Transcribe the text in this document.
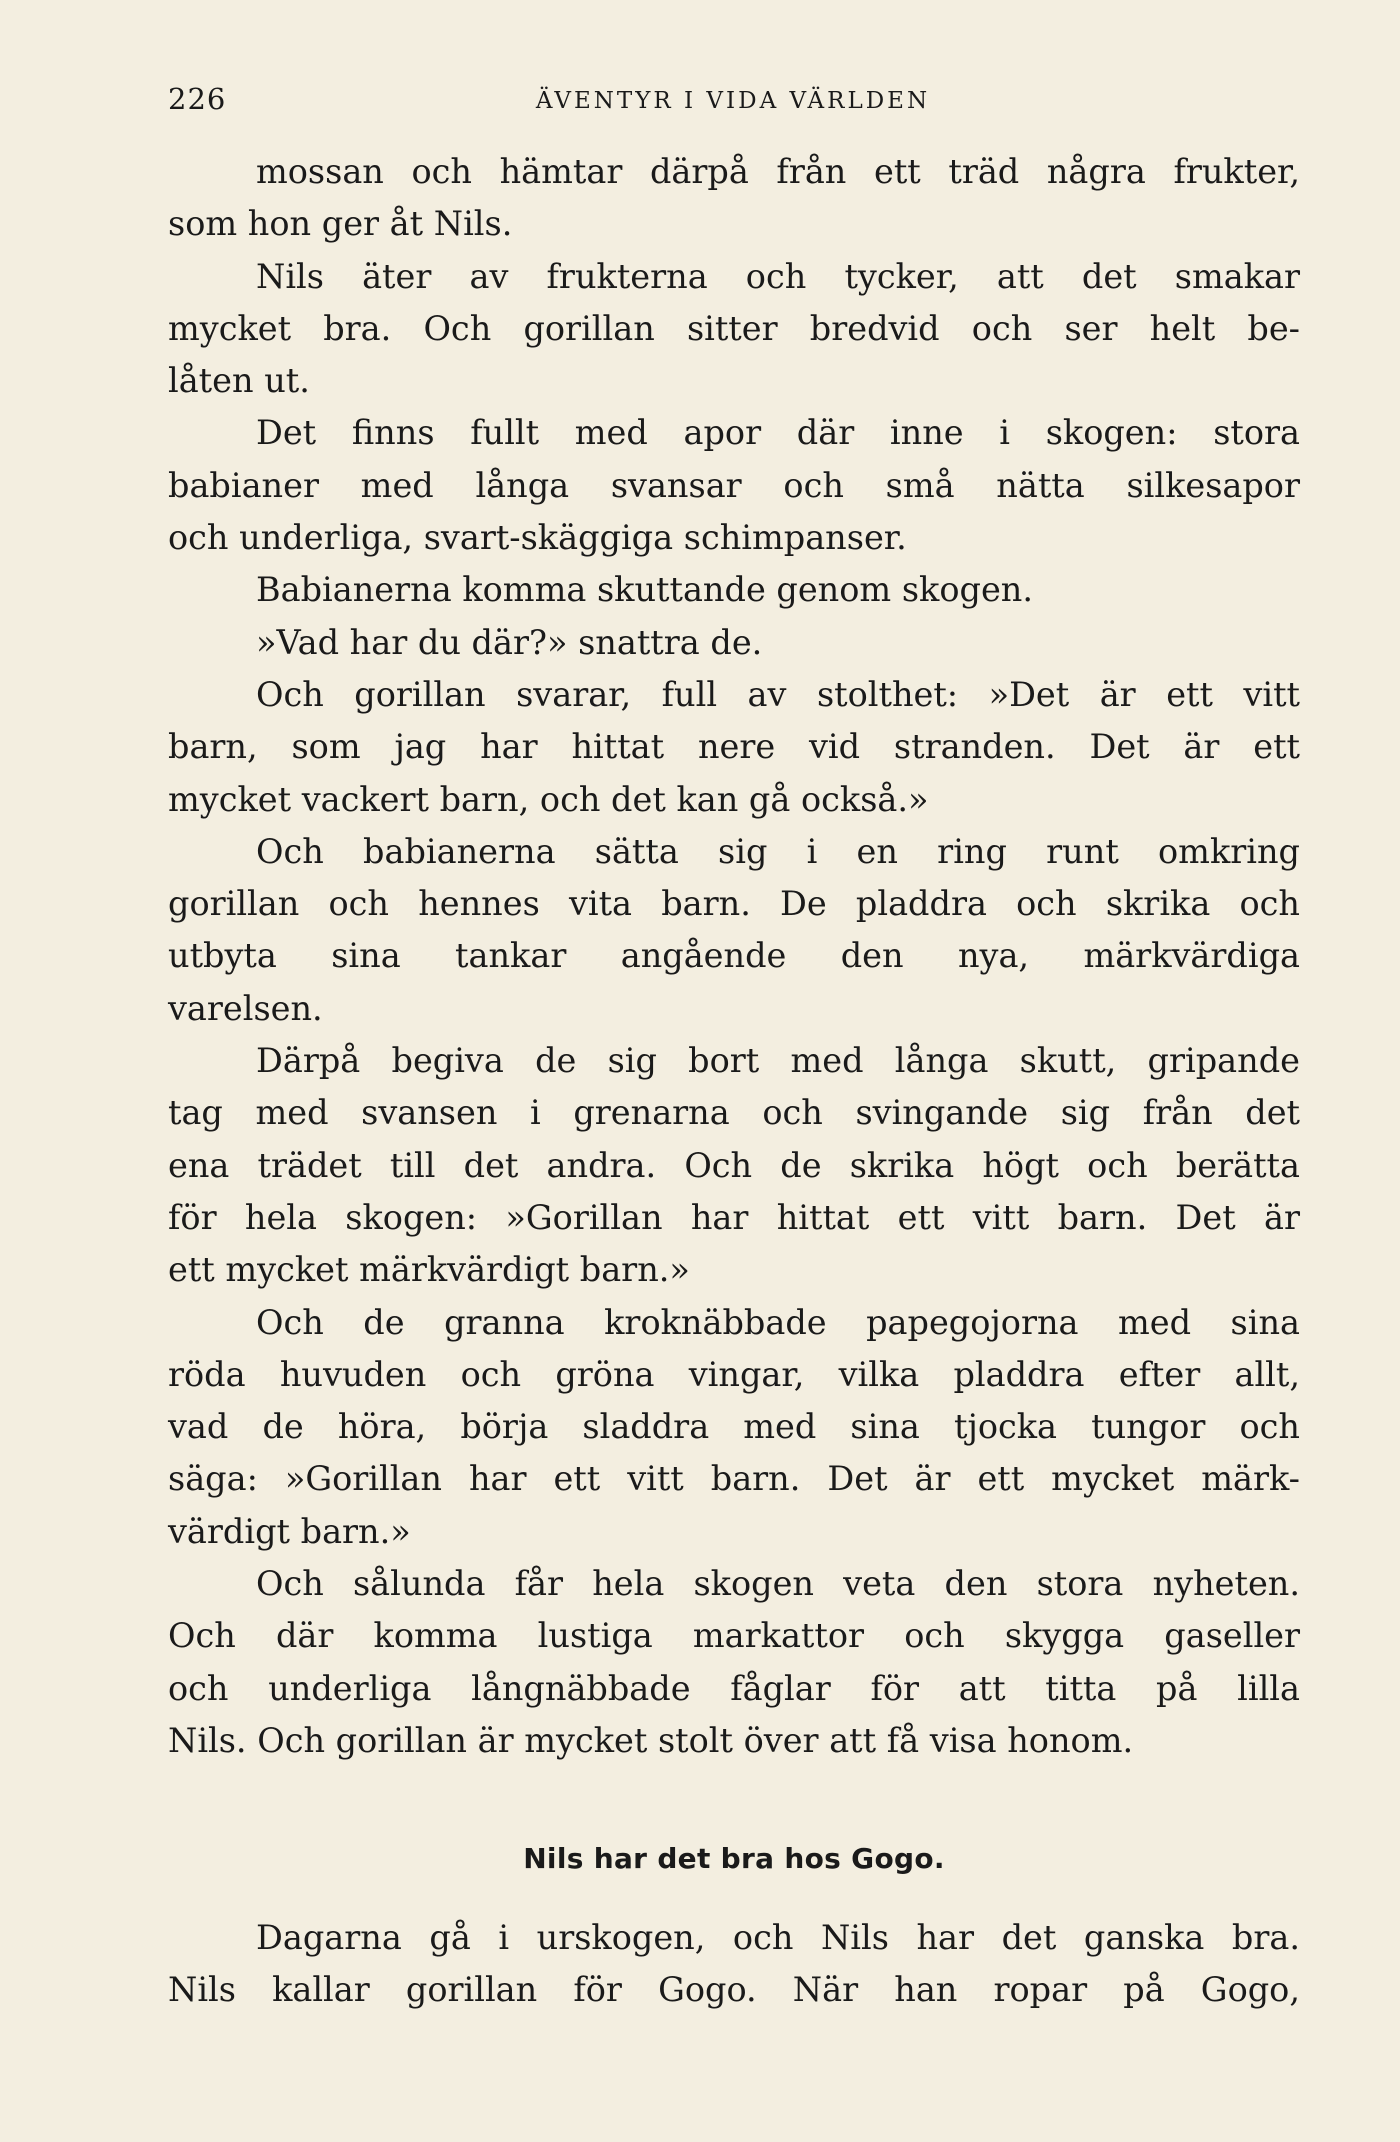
226	ÄVENTYR I VIDA VÄRLDEN
mossan och hämtar därpå från ett träd några frukter,
som hon ger åt Nils.
Nils äter av frukterna och tycker, att det smakar
mycket bra. Och gorillan sitter bredvid och ser helt be-
låten ut.
Det finns fullt med apor där inne i skogen: stora
babianer med långa svansar och små nätta silkesapor
och underliga, svart-skäggiga schimpanser.
Babianerna komma skuttande genom skogen.
»Vad har du där?» snattra de.
Och gorillan svarar, full av stolthet: »Det är ett vitt
barn, som jag har hittat nere vid stranden. Det är ett
mycket vackert barn, och det kan gå också.»
Och babianerna sätta sig i en ring runt omkring
gorillan och hennes vita barn. De pladdra och skrika och
utbyta sina tankar angående den nya, märkvärdiga
varelsen.
Därpå begiva de sig bort med långa skutt, gripande
tag med svansen i grenarna och svingande sig från det
ena trädet till det andra. Och de skrika högt och berätta
för hela skogen: »Gorillan har hittat ett vitt barn. Det är
ett mycket märkvärdigt barn.»
Och de granna kroknäbbade papegojorna med sina
röda huvuden och gröna vingar, vilka pladdra efter allt,
vad de höra, börja sladdra med sina tjocka tungor och
säga: »Gorillan har ett vitt barn. Det är ett mycket märk-
värdigt barn.»
Och sålunda får hela skogen veta den stora nyheten.
Och där komma lustiga markattor och skygga gaseller
och underliga långnäbbade fåglar för att titta på lilla
Nils. Och gorillan är mycket stolt över att få visa honom.
Nils har det bra hos Gogo.
Dagarna gå i urskogen, och Nils har det ganska bra.
Nils kallar gorillan för Gogo. När han ropar på Gogo,
